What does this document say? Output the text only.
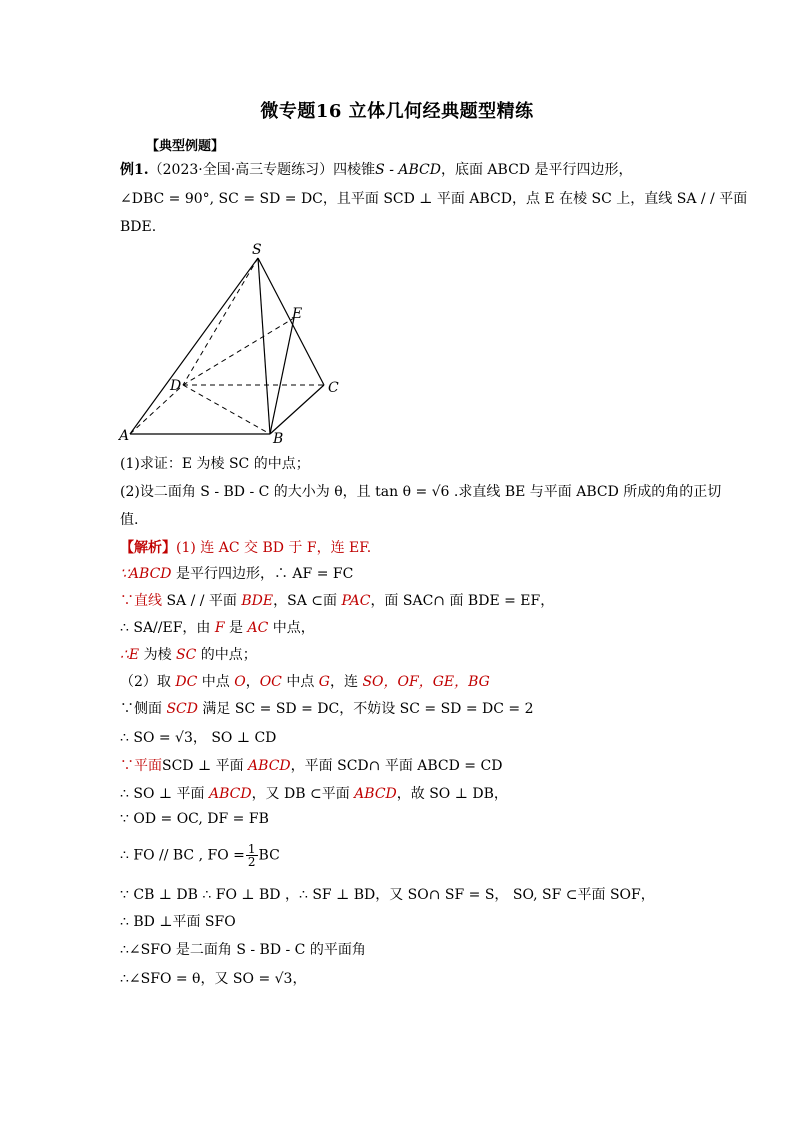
微专题16 立体几何经典题型精练
【典型例题】
例1.（2023·全国·高三专题练习）四棱锥S - ABCD，底面 ABCD 是平行四边形，
∠DBC = 90°, SC = SD = DC，且平面 SCD ⊥ 平面 ABCD，点 E 在棱 SC 上，直线 SA / / 平面
BDE.
S
E
D	C
A	B
(1)求证：E 为棱 SC 的中点；
(2)设二面角 S - BD - C 的大小为 θ，且 tan θ = √6 .求直线 BE 与平面 ABCD 所成的角的正切
值.
【解析】(1) 连 AC 交 BD 于 F，连 EF.
∵ABCD 是平行四边形，∴ AF = FC
∵直线 SA / / 平面 BDE，SA ⊂面 PAC，面 SAC∩ 面 BDE = EF，
∴ SA//EF，由 F 是 AC 中点，
∴E 为棱 SC 的中点；
（2）取 DC 中点 O，OC 中点 G，连 SO，OF，GE，BG
∵侧面 SCD 满足 SC = SD = DC，不妨设 SC = SD = DC = 2
∴ SO = √3， SO ⊥ CD
∵平面SCD ⊥ 平面 ABCD，平面 SCD∩ 平面 ABCD = CD
∴ SO ⊥ 平面 ABCD，又 DB ⊂平面 ABCD，故 SO ⊥ DB，
∵ OD = OC, DF = FB
∴ FO // BC , FO = $\frac{1}{2}$ BC
∵ CB ⊥ DB ∴ FO ⊥ BD ，∴ SF ⊥ BD，又 SO∩ SF = S， SO, SF ⊂平面 SOF，
∴ BD ⊥平面 SFO
∴∠SFO 是二面角 S - BD - C 的平面角
∴∠SFO = θ，又 SO = √3，
